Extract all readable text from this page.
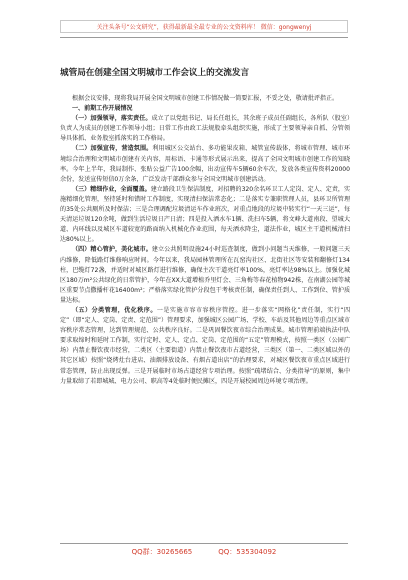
关注头条号“公文研究”，获得最新最全最专业的公文资料库！ 微信：gongwenyj
城管局在创建全国文明城市工作会议上的交流发言

根据会议安排，现将我局开展全国文明城市创建工作情况做一简要汇报，不妥之处，敬请批评指正。

一、前期工作开展情况

（一）加强领导，落实责任。成立了以党组书记、局长任组长，其余班子成员任副组长，各所队（股室）负责人为成员的创建工作领导小组；日常工作由政工法规股牵头组织实施，形成了主要领导亲自抓、分管领导具体抓、业务股室抓落实的工作格局。

（二）加强宣传，营造氛围。利用城区公交站台、多功能果皮箱、城管宣传载体，将城市管理、城市环境综合治理和文明城市创建有关内容，用标语、卡通等形式展示出来，提高了全国文明城市创建工作的知晓率。今年上半年，我局制作、张贴公益广告100余幅，出动宣传车5辆60余车次，发放各类宣传资料20000余份，发送宣传短信0万余条，广泛发动干部群众参与全国文明城市创建活动。

（三）精细作业，全面覆盖。建立路段卫生保洁制度，对招聘的320余名环卫工人定岗、定人、定责，实施精细化管理，坚持延时和错时工作制度，实现清扫保洁常态化；二是落实专兼职管理人员，县环卫所管理的35处公共厕所及时保洁；三是合理调配垃圾清运车作业班次，对重点地段的垃圾中转实行“一天三运”，每天清运垃圾120余吨，做到生活垃圾日产日清；四是投入洒水车1辆、洗扫车5辆，将文峰大道南段、望城大道、内环线以及城区车道较宽的路面纳入机械化作业范围，每天洒水降尘，道法作业，城区主干道机械清扫达80%以上。

（四）精心管护，美化城市。建立公共照明设施24小时巡查制度，做到小问题当天维修，一般问题三天内维修，降低路灯维修响应时间。今年以来，我局园林管理所在瓦窑沟社区、北街社区等安装和翻修灯134柱，巴缆灯72盏，并适时对城区路灯进行维修，确保主次干道亮灯率100%，亮灯率达98%以上。加强化城区180万m²公共绿化的日常管护，今年在XX大道增植乔里灯会、三角梅等春花植物942株，在南湖公园等城区重要节点撒播杆花16400m²；严格落实绿化管护分段包干考核责任制，确保责任到人、工作到位、管护质量达标。

（五）分类管理，优化秩序。一是实施市容市容秩序管控。进一步落实“网格化”责任制，实行“四定”（即“定人、定岗、定责、定范围”）管理要求，加强城区公园广场、学校、车站及其他周边等重点区域市容秩序常态管理，达到管理规范、公共秩序良好。二是巩固餐饮夜市综合治理成果。城市管理前端执法中队要求取缔时和延时工作制，实行定时、定人、定点、定岗、定范围的“五定”管理模式，按照一类区（公园广场）内禁止餐饮夜市经营，二类区（主要街道）内禁止餐饮夜市占道经营，三类区（第一、二类区域以外的其它区域）按照“烧烤灶台进店、油烟排放设备、有烟占道出店”的治理要求，对城区餐饮夜市重点区域进行常态管理，防止出现反弹。三是开展临时市场占道经营专项治理。按照“疏堵结合、分类指导”的原则，集中力量取缔了若即城城、电力公司、职高等4处临时便民摊区，四是开展校园周边环境专项治理。

QQ群：30265665	QQ：535304092
